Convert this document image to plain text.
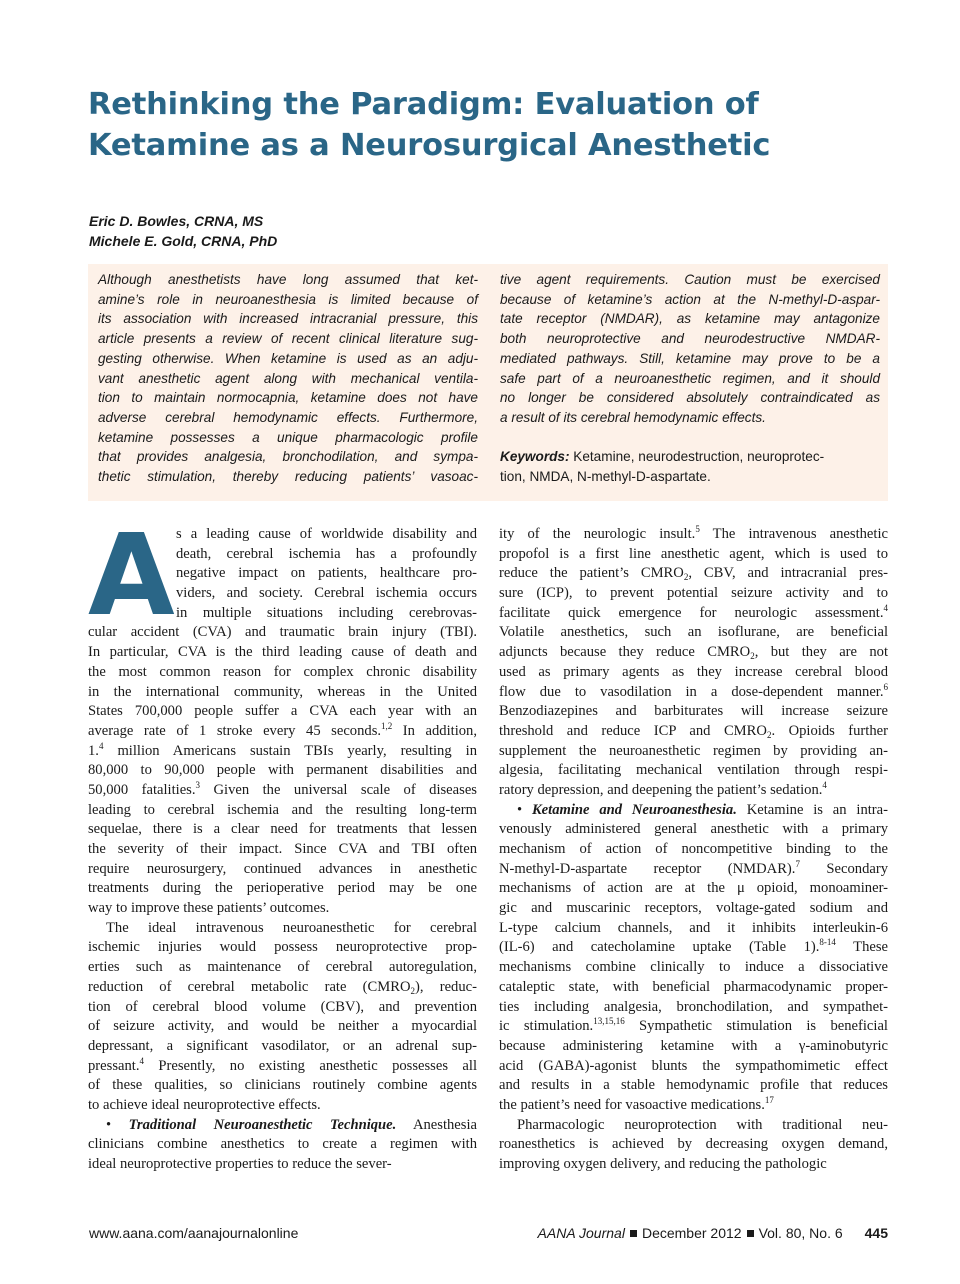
Rethinking the Paradigm: Evaluation of
Ketamine as a Neurosurgical Anesthetic
Eric D. Bowles, CRNA, MS
Michele E. Gold, CRNA, PhD
Although anesthetists have long assumed that ket-
amine’s role in neuroanesthesia is limited because of
its association with increased intracranial pressure, this
article presents a review of recent clinical literature sug-
gesting otherwise. When ketamine is used as an adju-
vant anesthetic agent along with mechanical ventila-
tion to maintain normocapnia, ketamine does not have
adverse cerebral hemodynamic effects. Furthermore,
ketamine possesses a unique pharmacologic profile
that provides analgesia, bronchodilation, and sympa-
thetic stimulation, thereby reducing patients’ vasoac-
tive agent requirements. Caution must be exercised
because of ketamine’s action at the N-methyl-D-aspar-
tate receptor (NMDAR), as ketamine may antagonize
both neuroprotective and neurodestructive NMDAR-
mediated pathways. Still, ketamine may prove to be a
safe part of a neuroanesthetic regimen, and it should
no longer be considered absolutely contraindicated as
a result of its cerebral hemodynamic effects.
Keywords: Ketamine, neurodestruction, neuroprotec-
tion, NMDA, N-methyl-D-aspartate.
A s a leading cause of worldwide disability and
death, cerebral ischemia has a profoundly
negative impact on patients, healthcare pro-
viders, and society. Cerebral ischemia occurs
in multiple situations including cerebrovas-
cular accident (CVA) and traumatic brain injury (TBI).
In particular, CVA is the third leading cause of death and
the most common reason for complex chronic disability
in the international community, whereas in the United
States 700,000 people suffer a CVA each year with an
average rate of 1 stroke every 45 seconds.$^{1,2}$ In addition,
1.$^4$ million Americans sustain TBIs yearly, resulting in
80,000 to 90,000 people with permanent disabilities and
50,000 fatalities.$^3$ Given the universal scale of diseases
leading to cerebral ischemia and the resulting long-term
sequelae, there is a clear need for treatments that lessen
the severity of their impact. Since CVA and TBI often
require neurosurgery, continued advances in anesthetic
treatments during the perioperative period may be one
way to improve these patients’ outcomes.
The ideal intravenous neuroanesthetic for cerebral
ischemic injuries would possess neuroprotective prop-
erties such as maintenance of cerebral autoregulation,
reduction of cerebral metabolic rate $(CMRO_2)$, reduc-
tion of cerebral blood volume (CBV), and prevention
of seizure activity, and would be neither a myocardial
depressant, a significant vasodilator, or an adrenal sup-
pressant.$^4$ Presently, no existing anesthetic possesses all
of these qualities, so clinicians routinely combine agents
to achieve ideal neuroprotective effects.
• Traditional Neuroanesthetic Technique. Anesthesia
clinicians combine anesthetics to create a regimen with
ideal neuroprotective properties to reduce the sever-
ity of the neurologic insult.$^5$ The intravenous anesthetic
propofol is a first line anesthetic agent, which is used to
reduce the patient’s $CMRO_2$, CBV, and intracranial pres-
sure (ICP), to prevent potential seizure activity and to
facilitate quick emergence for neurologic assessment.$^4$
Volatile anesthetics, such an isoflurane, are beneficial
adjuncts because they reduce $CMRO_2$, but they are not
used as primary agents as they increase cerebral blood
flow due to vasodilation in a dose-dependent manner.$^6$
Benzodiazepines and barbiturates will increase seizure
threshold and reduce ICP and $CMRO_2$. Opioids further
supplement the neuroanesthetic regimen by providing an-
algesia, facilitating mechanical ventilation through respi-
ratory depression, and deepening the patient’s sedation.$^4$
• Ketamine and Neuroanesthesia. Ketamine is an intra-
venously administered general anesthetic with a primary
mechanism of action of noncompetitive binding to the
N-methyl-D-aspartate receptor (NMDAR).$^7$ Secondary
mechanisms of action are at the μ opioid, monoaminer-
gic and muscarinic receptors, voltage-gated sodium and
L-type calcium channels, and it inhibits interleukin-6
(IL-6) and catecholamine uptake (Table 1).$^{8-14}$ These
mechanisms combine clinically to induce a dissociative
cataleptic state, with beneficial pharmacodynamic proper-
ties including analgesia, bronchodilation, and sympathet-
ic stimulation.$^{13,15,16}$ Sympathetic stimulation is beneficial
because administering ketamine with a γ-aminobutyric
acid (GABA)-agonist blunts the sympathomimetic effect
and results in a stable hemodynamic profile that reduces
the patient’s need for vasoactive medications.$^{17}$
Pharmacologic neuroprotection with traditional neu-
roanesthetics is achieved by decreasing oxygen demand,
improving oxygen delivery, and reducing the pathologic
www.aana.com/aanajournalonline	AANA Journal December 2012 Vol. 80, No. 6 445
